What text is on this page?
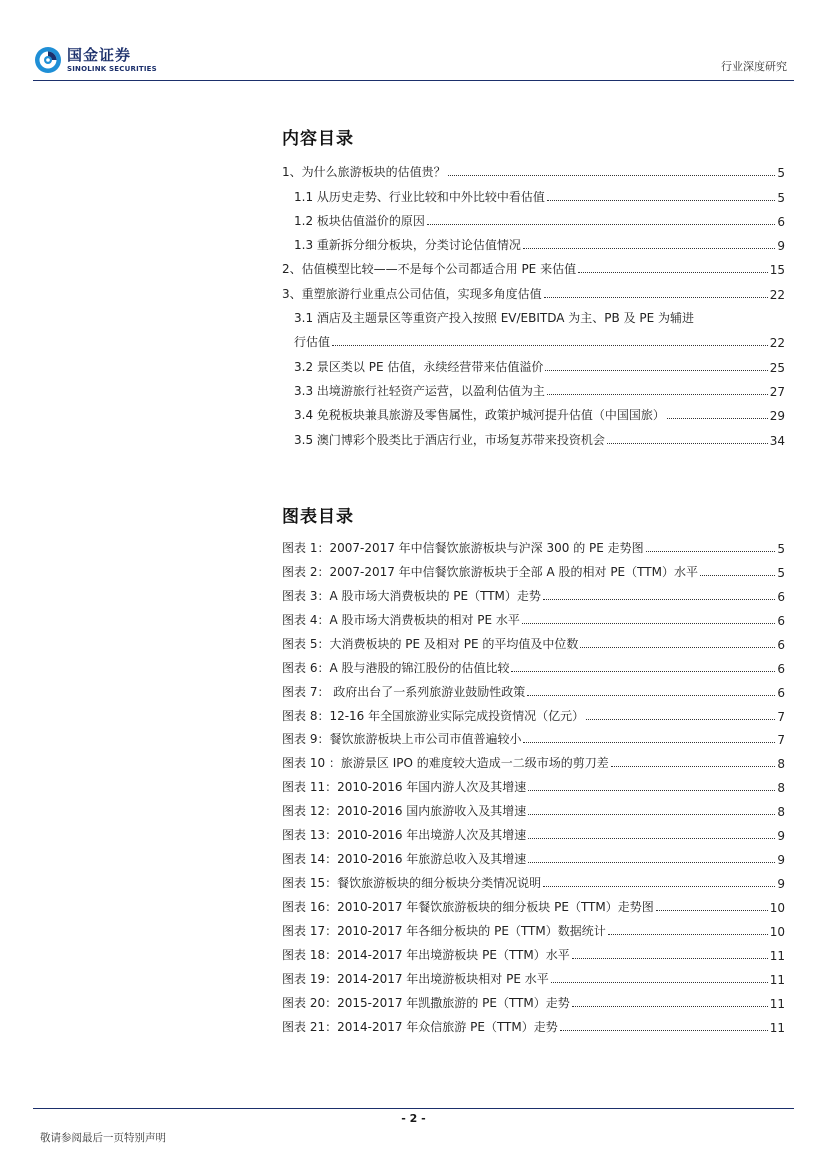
国金证券
SINOLINK SECURITIES	行业深度研究
内容目录
1、为什么旅游板块的估值贵？	5
1.1 从历史走势、行业比较和中外比较中看估值	5
1.2 板块估值溢价的原因	6
1.3 重新拆分细分板块，分类讨论估值情况	9
2、估值模型比较——不是每个公司都适合用 PE 来估值	15
3、重塑旅游行业重点公司估值，实现多角度估值	22
3.1 酒店及主题景区等重资产投入按照 EV/EBITDA 为主、PB 及 PE 为辅进
行估值	22
3.2 景区类以 PE 估值，永续经营带来估值溢价	25
3.3 出境游旅行社轻资产运营，以盈利估值为主	27
3.4 免税板块兼具旅游及零售属性，政策护城河提升估值（中国国旅）	29
3.5 澳门博彩个股类比于酒店行业，市场复苏带来投资机会	34
图表目录
图表 1：2007-2017 年中信餐饮旅游板块与沪深 300 的 PE 走势图	5
图表 2：2007-2017 年中信餐饮旅游板块于全部 A 股的相对 PE（TTM）水平	5
图表 3：A 股市场大消费板块的 PE（TTM）走势	6
图表 4：A 股市场大消费板块的相对 PE 水平	6
图表 5：大消费板块的 PE 及相对 PE 的平均值及中位数	6
图表 6：A 股与港股的锦江股份的估值比较	6
图表 7： 政府出台了一系列旅游业鼓励性政策	6
图表 8：12-16 年全国旅游业实际完成投资情况（亿元）	7
图表 9：餐饮旅游板块上市公司市值普遍较小	7
图表 10 ：旅游景区 IPO 的难度较大造成一二级市场的剪刀差	8
图表 11：2010-2016 年国内游人次及其增速	8
图表 12：2010-2016 国内旅游收入及其增速	8
图表 13：2010-2016 年出境游人次及其增速	9
图表 14：2010-2016 年旅游总收入及其增速	9
图表 15：餐饮旅游板块的细分板块分类情况说明	9
图表 16：2010-2017 年餐饮旅游板块的细分板块 PE（TTM）走势图	10
图表 17：2010-2017 年各细分板块的 PE（TTM）数据统计	10
图表 18：2014-2017 年出境游板块 PE（TTM）水平	11
图表 19：2014-2017 年出境游板块相对 PE 水平	11
图表 20：2015-2017 年凯撒旅游的 PE（TTM）走势	11
图表 21：2014-2017 年众信旅游 PE（TTM）走势	11
- 2 -
敬请参阅最后一页特别声明
